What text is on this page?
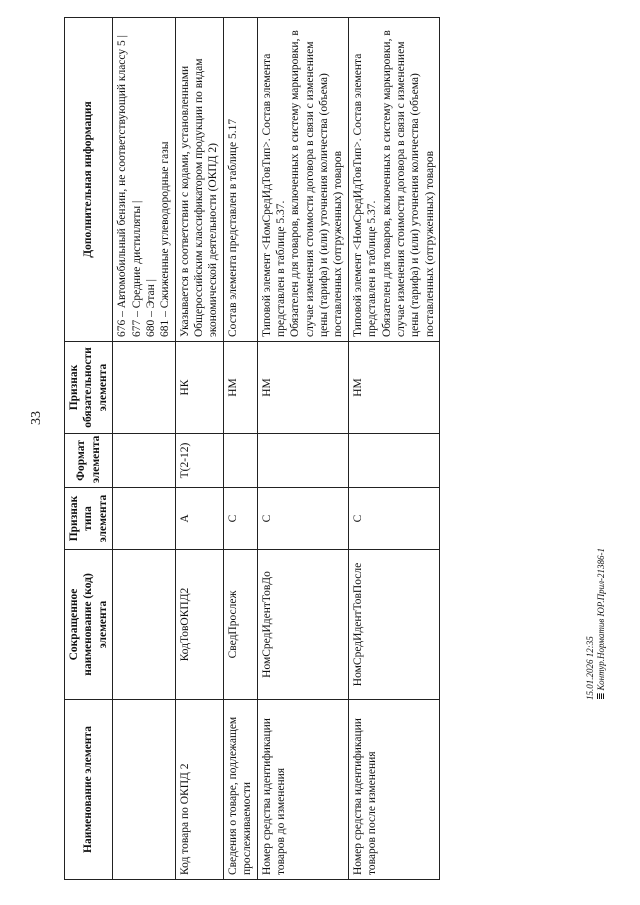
33
Наименование элемента	Сокращенное наименование (код) элемента	Признак типа элемента	Формат элемента	Признак обязательности элемента	Дополнительная информация

					676 – Автомобильный бензин, не соответствующий классу 5 | 677 – Средние дистилляты | 680 – Этан | 681 – Сжиженные углеводородные газы

Код товара по ОКПД 2	КодТовОКПД2	А	T(2-12)	НК	Указывается в соответствии с кодами, установленными Общероссийским классификатором продукции по видам экономической деятельности (ОКПД 2)

Сведения о товаре, подлежащем прослеживаемости	СведПрослеж	С		НМ	Состав элемента представлен в таблице 5.17

Номер средства идентификации товаров до изменения	НомСредИдентТовДо	С		НМ	Типовой элемент <НомСредИдТовТип>. Состав элемента представлен в таблице 5.37. Обязателен для товаров, включенных в систему маркировки, в случае изменения стоимости договора в связи с изменением цены (тарифа) и (или) уточнения количества (объема) поставленных (отгруженных) товаров

Номер средства идентификации товаров после изменения	НомСредИдентТовПосле	С		НМ	Типовой элемент <НомСредИдТовТип>. Состав элемента представлен в таблице 5.37. Обязателен для товаров, включенных в систему маркировки, в случае изменения стоимости договора в связи с изменением цены (тарифа) и (или) уточнения количества (объема) поставленных (отгруженных) товаров
15.01.2026 12:35 ≣ Контур.Норматив ЮР.Прил-21386-1
